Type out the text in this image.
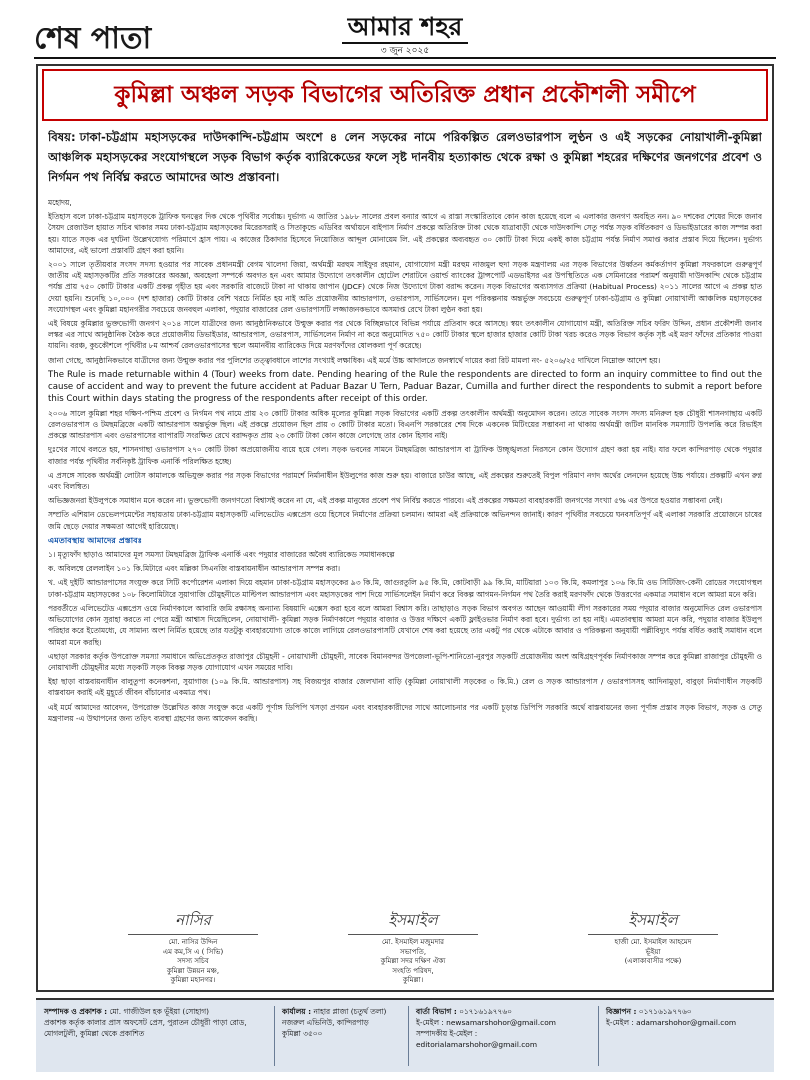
শেষ পাতা	আমার শহর
৩ জুন ২০২৫
কুমিল্লা অঞ্চল সড়ক বিভাগের অতিরিক্ত প্রধান প্রকৌশলী সমীপে
বিষয়: ঢাকা-চট্টগ্রাম মহাসড়কের দাউদকান্দি-চট্টগ্রাম অংশে ৪ লেন সড়কের নামে পরিকল্পিত রেলওভারপাস লুণ্ঠন ও এই সড়কের নোয়াখালী-কুমিল্লা আঞ্চলিক মহাসড়কের সংযোগস্থলে সড়ক বিভাগ কর্তৃক ব্যারিকেডের ফলে সৃষ্ট দানবীয় হত্যাকান্ড থেকে রক্ষা ও কুমিল্লা শহরের দক্ষিণের জনগণের প্রবেশ ও নির্গমন পথ নির্বিঘ্ন করতে আমাদের আশু প্রস্তাবনা।

মহোদয়,

ইতিহাস বলে ঢাকা-চট্টগ্রাম মহাসড়কে ট্রাফিক ঘনত্বের দিক থেকে পৃথিবীর সর্বোচ্চ। দুর্ভাগ্য এ জাতির ১৯৮৮ সালের প্রবল বন্যার আগে এ রাস্তা সংস্কারিতাবে কোন কাজ হয়েছে বলে এ এলাকার জনগণ অবহিত নন। ৯০ দশকের শেষের দিকে জনাব সৈয়দ রেজাউল হায়াত সচিব থাকার সময় ঢাকা-চট্টগ্রাম মহাসড়কের মিরেরসরাই ও সিতাকুন্ডে এডিবির অর্থায়নে বাইপাস নির্মাণ প্রকল্পে অতিরিক্ত টাকা থেকে যাত্রাবাড়ী থেকে দাউদকান্দি সেতু পর্যন্ত সড়ক বর্ধিতকরণ ও ডিভাইডারের কাজ সম্পন্ন করা হয়। যাতে সড়ক এর দুর্ঘটনা উল্লেখযোগ্য পরিমাণে হ্রাস পায়। এ কাজের ঠিকাদার হিসেবে নিয়োজিত আব্দুল মোনায়েম লি. এই প্রকল্পের অব্যবহৃত ৩০ কোটি টাকা দিয়ে একই কাজ চট্টগ্রাম পর্যন্ত নির্মাণ সমাপ্ত করার প্রস্তাব দিয়ে ছিলেন। দুর্ভাগ্য আমাদের, এই ভালো প্রস্তাবটি গ্রহণ করা হয়নি।

২০০১ সালে তৃতীয়বার সংসদ সদস্য হওয়ার পর সাবেক প্রধানমন্ত্রী বেগম খালেদা জিয়া, অর্থমন্ত্রী মরহুম সাইফুর রহমান, যোগাযোগ মন্ত্রী মরহুম নাজমুল হুদা সড়ক মন্ত্রণালয় এর সড়ক বিভাগের উর্ধ্বতন কর্মকর্তাগণ কুমিল্লা সফরকালে গুরুত্বপূর্ণ জাতীয় এই মহাসড়কটির প্রতি সরকারের অবজ্ঞা, অবহেলা সম্পর্কে অবগত হন এবং আমার উদ্যোগে তৎকালীন হোটেল শেরাটনে ওয়ার্ল্ড ব্যাংকের ট্রান্সপোর্ট এডভাইসর এর উপস্থিতিতে এক সেমিনারের পরামর্শ অনুযায়ী দাউদকান্দি থেকে চট্টগ্রাম পর্যন্ত প্রায় ৭৫০ কোটি টাকার একটি প্রকল্প গৃহীত হয় এবং সরকারি বাজেটে টাকা না থাকায় জাপান (JDCF) থেকে নিজ উদ্যোগে টাকা বরাদ্দ করেন। সড়ক বিভাগের অব্যাসগত প্রক্রিয়া (Habitual Process) ২০১১ সালের আগে এ প্রকল্প হাত দেয়া হয়নি। শুনেছি ১০,০০০ (দশ হাজার) কোটি টাকার বেশি খরচে নির্মিত হয় নাই অতি প্রয়োজনীয় আন্ডারপাস, ওভারপাস, সার্ভিসলেন। মূল পরিকল্পনায় অন্তর্ভুক্ত সবচেয়ে গুরুত্বপূর্ণ ঢাকা-চট্টগ্রাম ও কুমিল্লা নোয়াখালী আঞ্চলিক মহাসড়কের সংযোগস্থল এবং কুমিল্লা মহানগরীর সবচেয়ে জনবহুল এলাকা, পদুয়ার বাজারের রেল ওভারপাসটি লজ্জাজনকভাবে অসমাপ্ত রেখে টাকা লুণ্ঠন করা হয়।

এই বিষয়ে কুমিল্লার ভুক্তভোগী জনগণ ২০১৪ সালে যাত্রীদের জন্য আনুষ্ঠানিকভাবে উন্মুক্ত করার পর থেকে বিচ্ছিন্নভাবে বিভিন্ন পর্যায়ে প্রতিবাদ করে আসছে। স্বয়ং তৎকালীন যোগাযোগ মন্ত্রী, অতিরিক্ত সচিব ফরিদ উদ্দিন, প্রধান প্রকৌশলী জনাব লস্কর এর সাথে আনুষ্ঠানিক বৈঠক করে প্রয়োজনীয় ডিভাইডার, আন্ডারপাস, ওভারপাস, সার্ভিসলেন নির্মাণ না করে অনুমোদিত ৭৫০ কোটি টাকার স্থলে হাজার হাজার কোটি টাকা খরচ করেও সড়ক বিভাগ কর্তৃক সৃষ্ট এই মরণ ফাঁদের প্রতিকার পাওয়া যায়নি। বরঞ্চ, কুচকৌশলে পৃথিবীর ৮ম আশ্চর্য রেলওভারপাসের স্থলে অমানবীয় ব্যারিকেড দিয়ে মরণফাঁদের ষোলকলা পূর্ণ করেছে।

জানা গেছে, আনুষ্ঠানিকভাবে যাত্রীদের জন্য উন্মুক্ত করার পর পুলিশের তত্ত্বাবধানে লাশের সংখ্যাই লক্ষাধিক। এই মর্মে উচ্চ আদালতে জনস্বার্থে দায়ের করা রিট মামলা নং- ৫২০৬/২৫ দাখিলে নিম্নোক্ত আদেশ হয়।

The Rule is made returnable within 4 (Tour) weeks from date. Pending hearing of the Rule the respondents are directed to form an inquiry committee to find out the cause of accident and way to prevent the future accident at Paduar Bazar U Tern, Paduar Bazar, Cumilla and further direct the respondents to submit a report before this Court within days stating the progress of the respondents after receipt of this order.

২০০৬ সালে কুমিল্লা শহর দক্ষিণ-পশ্চিম প্রবেশ ও নির্গমন পথ নামে প্রায় ২৩ কোটি টাকার অধিক মূল্যের কুমিল্লা সড়ক বিভাগের একটি প্রকল্প তৎকালীন অর্থমন্ত্রী অনুমোদন করেন। তাতে সাবেক সংসদ সদস্য মনিরুল হক চৌধুরী শাসনগাছায় একটি রেলওভারপাস ও টমছমব্রিজে একটি আন্ডারপাস অন্তর্ভুক্ত ছিল। এই প্রকল্পে প্রয়োজন ছিল প্রায় ৩ কোটি টাকার মতো। বিএনপি সরকারের শেষ দিকে একনেক মিটিংয়ের সম্ভাবনা না থাকায় অর্থমন্ত্রী জটিল মানবিক সমস্যাটি উপলব্ধি করে রিভাইস প্রকল্পে আন্ডারপাস এবং ওভারপাসের ব্যাপারটি সংরক্ষিত রেখে বরাদ্দকৃত প্রায় ২৩ কোটি টাকা কোন কাজে লেগেছে তার কোন হিসাব নাই।

দুঃখের সাথে বলতে হয়, শাসনগাছা ওভারপাস ২৭০ কোটি টাকা অপ্রয়োজনীয় ব্যয়ে হয়ে গেল। সড়ক ভবনের সামনে টমছমব্রিজ আন্ডারপাস বা ট্রাফিক উচ্ছৃঙ্খলতা নিরসনে কোন উদ্যোগ গ্রহণ করা হয় নাই। যার ফলে কান্দিরপাড় থেকে পদুয়ার বাজার পর্যন্ত পৃথিবীর সর্বনিকৃষ্ট ট্রাফিক এনার্কি পরিলক্ষিত হচ্ছে।

এ প্রসঙ্গে সাবেক অর্থমন্ত্রী লোটাস কামালকে অভিযুক্ত করার পর সড়ক বিভাগের পরামর্শে নির্মানাধীন ইউলুপের কাজ শুরু হয়। বাজারে চাউর আছে, এই প্রকল্পের শুরুতেই বিপুল পরিমাণ নগদ অর্থের লেনদেন হয়েছে উচ্চ পর্যায়ে। প্রকল্পটি এখন রুগ্ন এবং বিলম্বিত।

অভিজ্ঞজনরা ইউলুপকে সমাধান মনে করেন না। ভুক্তভোগী জনগণতো বিশ্বাসই করেন না যে, এই প্রকল্প মানুষের প্রবেশ পথ নির্বিঘ্ন করতে পারবে। এই প্রকল্পের সক্ষমতা ব্যবহারকারী জনগণের সংখ্যা ৫% এর উপরে হওয়ার সম্ভাবনা নেই।

সম্প্রতি এশিয়ান ডেভেলপমেন্টের সহায়তায় ঢাকা-চট্টগ্রাম মহাসড়কটি এলিভেটেড এক্সপ্রেস ওয়ে হিসেবে নির্মাণের প্রক্রিয়া চলমান। আমরা এই প্রক্রিয়াকে অভিনন্দন জানাই। কারণ পৃথিবীর সবচেয়ে ঘনবসতিপূর্ণ এই এলাকা সরকারি প্রয়োজনে চাষের জমি ছেড়ে দেয়ার সক্ষমতা আগেই হারিয়েছে।

এমতাবস্থায় আমাদের প্রস্তাবঃ

১। মৃত্যুফাঁদ ছাড়াও আমাদের মূল সমস্যা টমছমব্রিজ ট্রাফিক এনার্কি এবং পদুয়ার বাজারের অবৈধ ব্যারিকেড সমাধানকল্পে

ক. অবিলম্বে রেললাইন ১০১ কি.মিটারে এবং মল্লিকা সিএনজি বাস্তবায়নাধীন আন্ডারপাস সম্পন্ন করা।

খ. এই দুইটি আন্ডারপাসের সংযুক্ত করে সিটি কর্পোরেশন এলাকা দিয়ে বহমান ঢাকা-চট্টগ্রাম মহাসড়কের ৯৩ কি.মি, জাগুরতুলি ৯৫ কি.মি, কোটবাড়ী ৯৯ কি.মি, মাটিয়ারা ১০৩ কি.মি, কমলাপুর ১০৬ কি.মি ওভ সিটিজিং-কেনী রোডের সংযোগস্থল ঢাকা-চট্টগ্রাম মহাসড়কের ১০৮ কিলোমিটারে সুয়াগাজি চৌমুহনীতে মাল্টিপল আন্ডারপাস এবং মহাসড়কের পাশ দিয়ে সার্ভিসলেইন নির্মাণ করে বিকল্প আগমন-নির্গমন পথ তৈরি করাই মরণফাঁদ থেকে উত্তরণের একমাত্র সমাধান বলে আমরা মনে করি।

পরবর্তীতে এলিভেটেড এক্সপ্রেস ওয়ে নির্মাণকালে আবারি জমি রক্ষাসহ অন্যান্য বিষয়াদি এক্সেস করা হবে বলে আমরা বিশ্বাস করি। তাছাড়াও সড়ক বিভাগ অবগত আছেন আওয়ামী লীগ সরকারের সময় পদুয়ার বাজার অনুমোদিত রেল ওভারপাস অভিযোগের কোন সুরাহা করতে না পেরে মন্ত্রী আশ্বাস দিয়েছিলেন, নোয়াখালী- কুমিল্লা সড়ক নির্মাণকালে পদুয়ার বাজার ও উত্তর দক্ষিণে একটি ফ্লাইওভার নির্মাণ করা হবে। দুর্ভাগ্য তা হয় নাই। এমতাবস্থায় আমরা মনে করি, পদুয়ার বাজার ইউলুপ পরিহার করে ইতোমধ্যে, যে সামান্য অংশ নির্মিত হয়েছে তার যতটুকু ব্যবহারযোগ্য তাকে কাজে লাগিয়ে রেলওভারপাসটি যেখানে শেষ করা হয়েছে তার একটু পর থেকে এটাকে আবার ও পরিকল্পনা অনুযায়ী পল্লীবিদ্যুৎ পর্যন্ত বর্ধিত করাই সমাধান বলে আমরা মনে করছি।

এছাড়া সরকার কর্তৃক উপরোক্ত সমস্যা সমাধানে অভিপ্রেতকৃত রাজাপুর চৌমুহনী - নোয়াখালী চৌমুহনী, সাবেক বিমানবন্দর উপজেলা-ভূপি-শানিতো-নুরপুর সড়কটি প্রয়োজনীয় অংশ অধিগ্রহণপূর্বক নির্মাণকাজ সম্পন্ন করে কুমিল্লা রাজাপুর চৌমুহনী ও নোয়াখালী চৌমুহনীর মধ্যে সড়কটি সড়ক বিকল্প সড়ক যোগাযোগ এখন সময়ের দাবি।

ইহা ছাড়া বাস্তবায়নাধীন বালুতুপা কনেকশনা, সুয়াগাজ (১০৯ কি.মি. আন্ডারপাস) সহ বিজয়পুর বাজার জেলখানা বাড়ি (কুমিল্লা নোয়াখালী সড়কের ৩ কি.মি.) রেল ও সড়ক আন্ডারপাস / ওভারপাসসহ আদিনামুড়া, বাবুড়া নির্মাণাধীন সড়কটি বাস্তবায়ন করাই এই মুহূর্তে জীবন বাঁচানোর একমাত্র পথ।

এই মর্মে আমাদের আবেদন, উপরোক্ত উল্লেখিত কাজ সংযুক্ত করে একটি পূর্ণাঙ্গ ডিপিপি খসড়া প্রণয়ন এবং ব্যবহারকারীদের সাথে আলোচনার পর একটি চূড়ান্ত ডিপিপি সরকারি অর্থে বাস্তবায়নের জন্য পূর্ণাঙ্গ প্রস্তাব সড়ক বিভাগ, সড়ক ও সেতু মন্ত্রণালয় -এ উত্থাপনের জন্য তড়িৎ ব্যবস্থা গ্রহণের জন্য আবেদন করছি।

নাসির
মো. নাসির উদ্দিন
এম কম,সি এ ( সিভি)
সদস্য সচিব
কুমিল্লা উন্নয়ন মঞ্চ,
কুমিল্লা মহানগর।
ইসমাইল
মো. ইসমাইল মজুমদার
সভাপতি,
কুমিল্লা সদর দক্ষিণ ঐক্য
সংহতি পরিষদ,
কুমিল্লা।
ইসমাইল
হাজী মো. ইসমাইল আহমেদ
ভূঁইয়া
(এলাকাবাসীর পক্ষে)
সম্পাদক ও প্রকাশক : মো. গাজীউল হক ভূঁইয়া (সোহাগ)
প্রকাশক কর্তৃক কালার প্রাস অফসেট প্রেস, পুরাতন চৌধুরী পাড়া রোড, মোগলটুলী, কুমিল্লা থেকে প্রকাশিত
কার্যালয় : নাহার প্লাজা (চতুর্থ তলা)
নজরুল এভিনিউ, কান্দিরপাড়
কুমিল্লা ৩৫০০
বার্তা বিভাগ : ০১৭১৬১৯৭৭৬০
ই-মেইল : newsamarshohor@gmail.com
সম্পাদকীয় ই-মেইল : editorialamarshohor@gmail.com
বিজ্ঞাপন : ০১৭১৬১৯৭৭৬০
ই-মেইল : adamarshohor@gmail.com
